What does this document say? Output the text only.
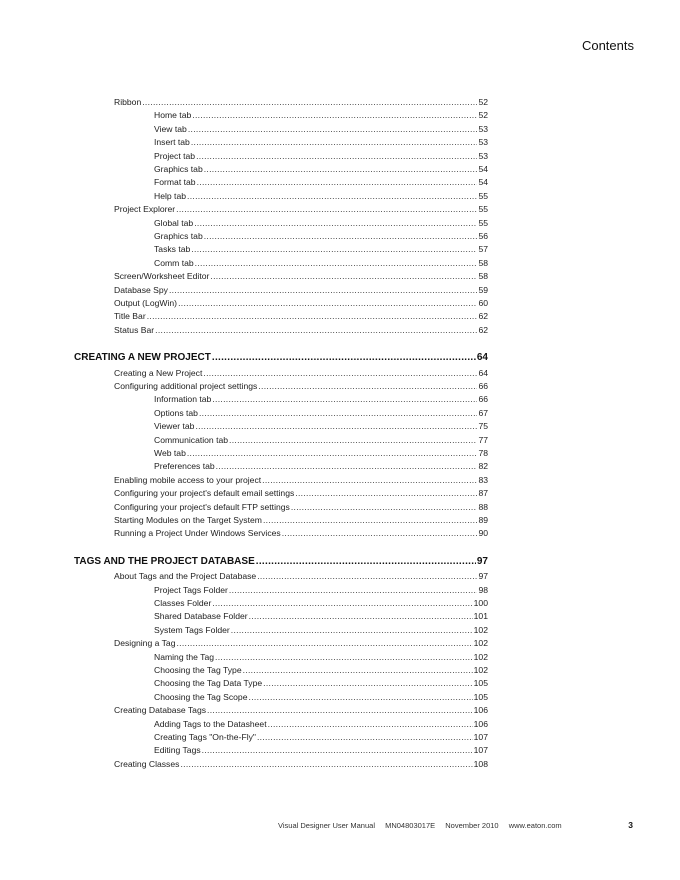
Contents
Ribbon .....	52
Home tab .....	52
View tab .....	53
Insert tab .....	53
Project tab .....	53
Graphics tab .....	54
Format tab .....	54
Help tab .....	55
Project Explorer .....	55
Global tab .....	55
Graphics tab .....	56
Tasks tab .....	57
Comm tab .....	58
Screen/Worksheet Editor .....	58
Database Spy .....	59
Output (LogWin) .....	60
Title Bar .....	62
Status Bar .....	62
CREATING A NEW PROJECT .....	64
Creating a New Project .....	64
Configuring additional project settings .....	66
Information tab .....	66
Options tab .....	67
Viewer tab .....	75
Communication tab .....	77
Web tab .....	78
Preferences tab .....	82
Enabling mobile access to your project .....	83
Configuring your project's default email settings .....	87
Configuring your project's default FTP settings .....	88
Starting Modules on the Target System .....	89
Running a Project Under Windows Services .....	90
TAGS AND THE PROJECT DATABASE .....	97
About Tags and the Project Database .....	97
Project Tags Folder .....	98
Classes Folder .....	100
Shared Database Folder .....	101
System Tags Folder .....	102
Designing a Tag .....	102
Naming the Tag .....	102
Choosing the Tag Type .....	102
Choosing the Tag Data Type .....	105
Choosing the Tag Scope .....	105
Creating Database Tags .....	106
Adding Tags to the Datasheet .....	106
Creating Tags "On-the-Fly" .....	107
Editing Tags .....	107
Creating Classes .....	108
Visual Designer User Manual MN04803017E November 2010 www.eaton.com	3
